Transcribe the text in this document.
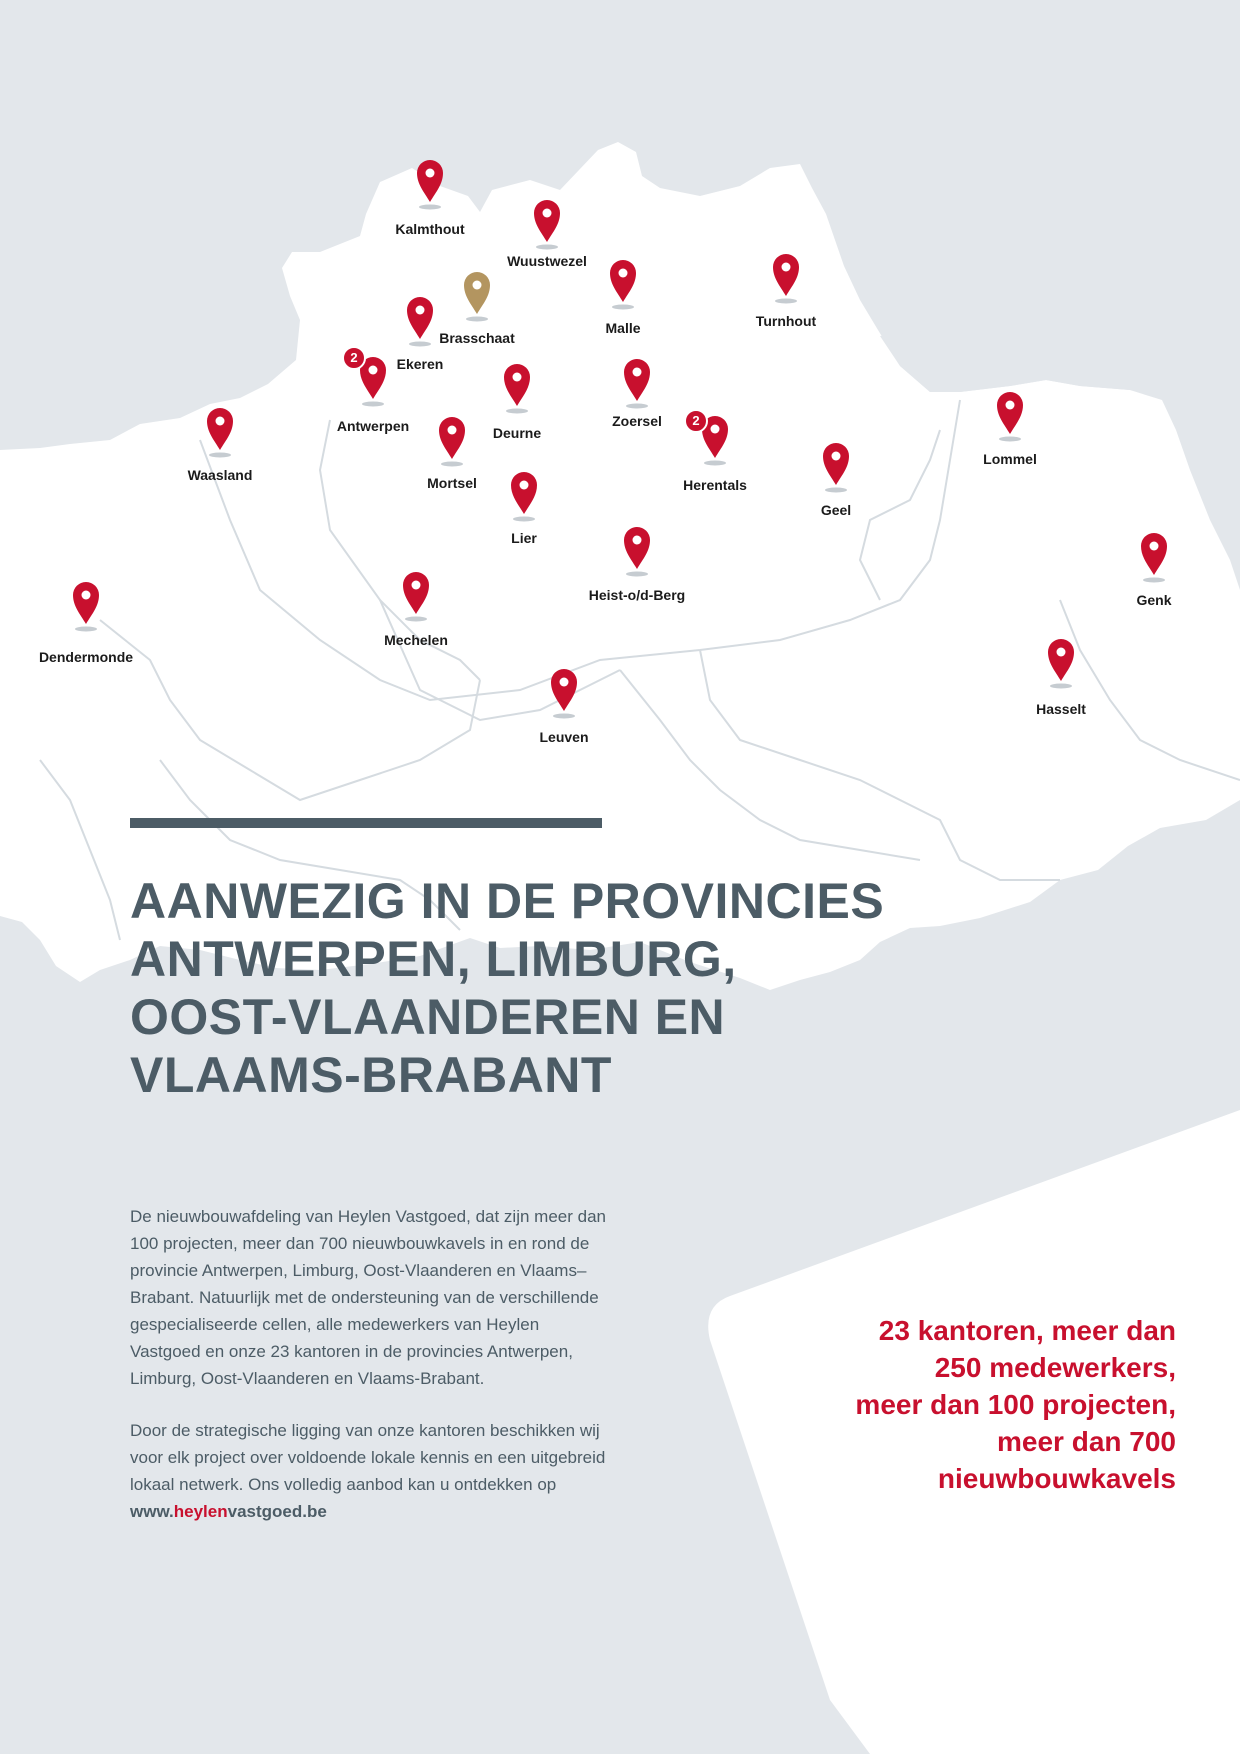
Kalmthout
Wuustwezel
Brasschaat
Malle	Turnhout
Ekeren
Antwerpen
2
Deurne
Zoersel
Herentals
2
Lommel
Waasland	Mortsel
Lier
Geel
Heist-o/d-Berg	Genk
Dendermonde
Mechelen
Leuven
Hasselt
AANWEZIG IN DE PROVINCIES
ANTWERPEN, LIMBURG,
OOST-VLAANDEREN EN
VLAAMS-BRABANT

De nieuwbouwafdeling van Heylen Vastgoed, dat zijn meer dan 100 projecten, meer dan 700 nieuwbouwkavels in en rond de provincie Antwerpen, Limburg, Oost-Vlaanderen en Vlaams–Brabant. Natuurlijk met de ondersteuning van de verschillende gespecialiseerde cellen, alle medewerkers van Heylen Vastgoed en onze 23 kantoren in de provincies Antwerpen, Limburg, Oost-Vlaanderen en Vlaams-Brabant.

Door de strategische ligging van onze kantoren beschikken wij voor elk project over voldoende lokale kennis en een uitgebreid lokaal netwerk. Ons volledig aanbod kan u ontdekken op www.heylenvastgoed.be

23 kantoren, meer dan
250 medewerkers,
meer dan 100 projecten,
meer dan 700
nieuwbouwkavels
